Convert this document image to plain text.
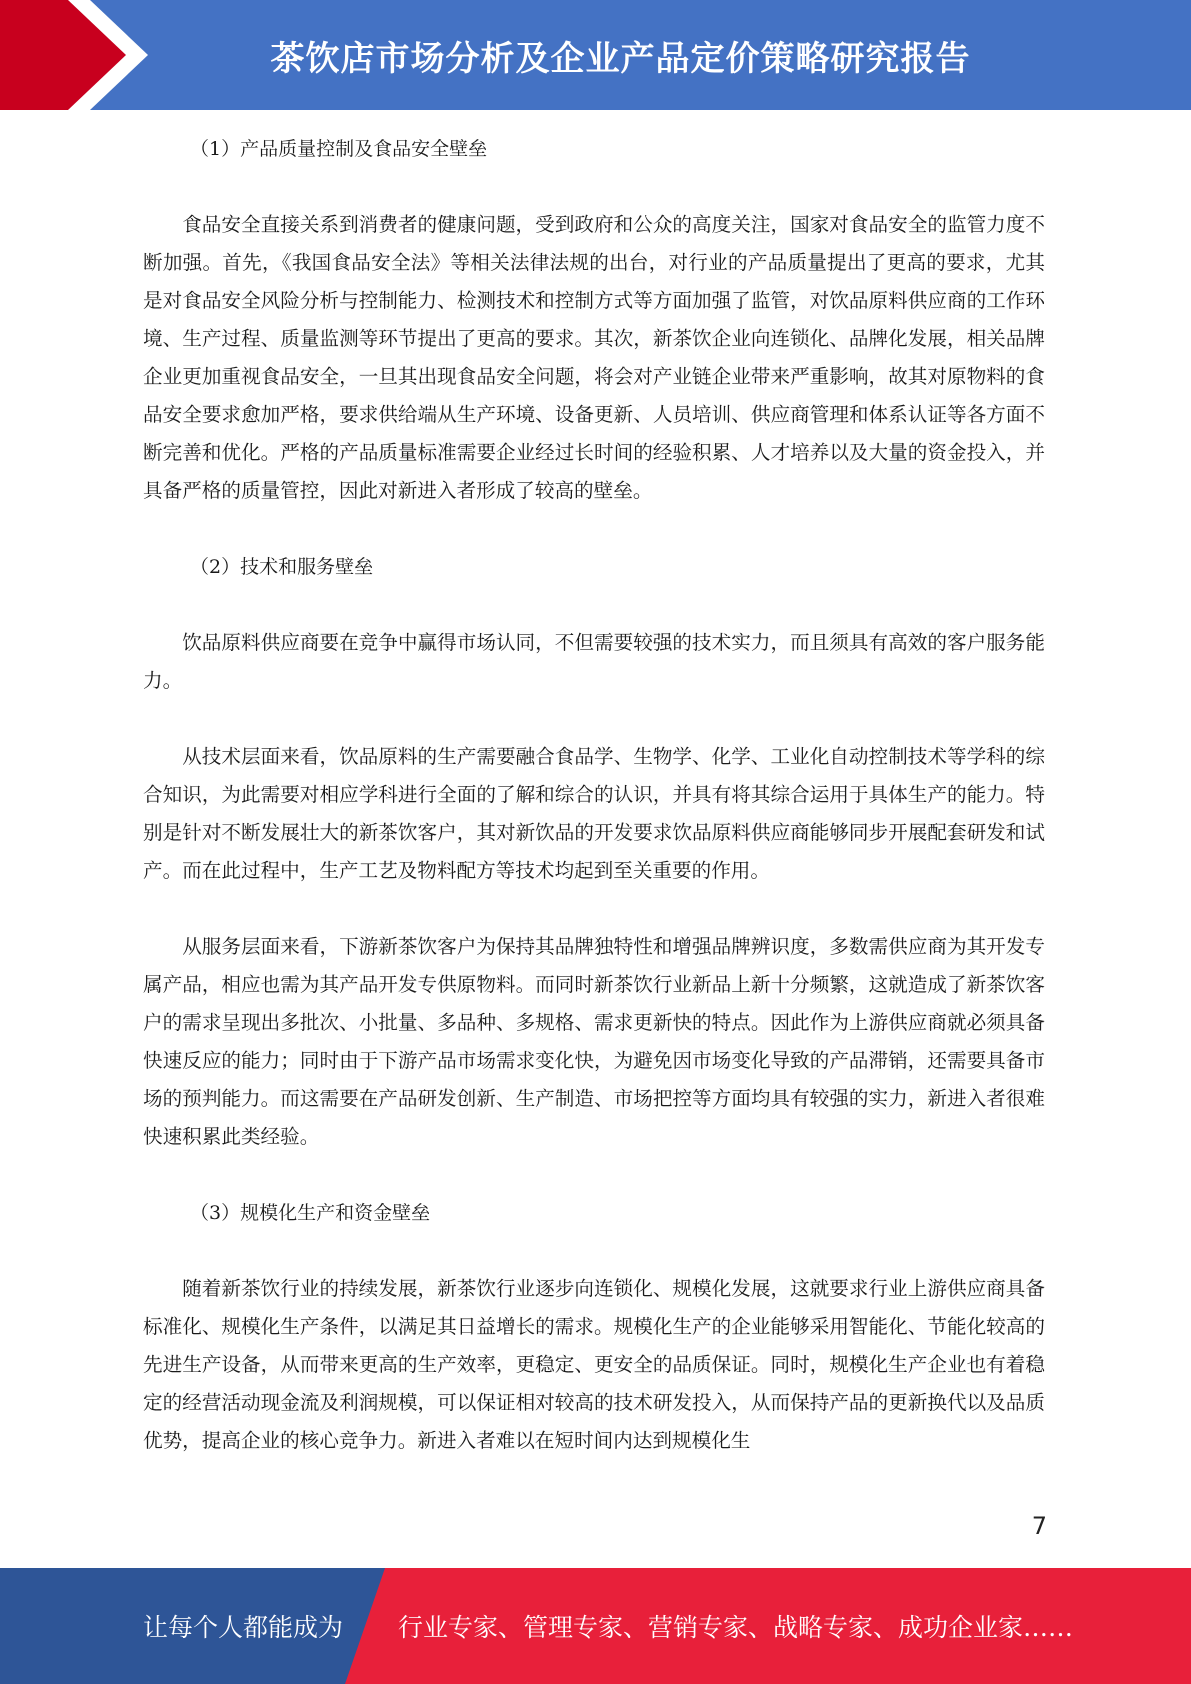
茶饮店市场分析及企业产品定价策略研究报告

（1）产品质量控制及食品安全壁垒

食品安全直接关系到消费者的健康问题，受到政府和公众的高度关注，国家对食品安全的监管力度不断加强。首先，《我国食品安全法》等相关法律法规的出台，对行业的产品质量提出了更高的要求，尤其是对食品安全风险分析与控制能力、检测技术和控制方式等方面加强了监管，对饮品原料供应商的工作环境、生产过程、质量监测等环节提出了更高的要求。其次，新茶饮企业向连锁化、品牌化发展，相关品牌企业更加重视食品安全，一旦其出现食品安全问题，将会对产业链企业带来严重影响，故其对原物料的食品安全要求愈加严格，要求供给端从生产环境、设备更新、人员培训、供应商管理和体系认证等各方面不断完善和优化。严格的产品质量标准需要企业经过长时间的经验积累、人才培养以及大量的资金投入，并具备严格的质量管控，因此对新进入者形成了较高的壁垒。

（2）技术和服务壁垒

饮品原料供应商要在竞争中赢得市场认同，不但需要较强的技术实力，而且须具有高效的客户服务能力。

从技术层面来看，饮品原料的生产需要融合食品学、生物学、化学、工业化自动控制技术等学科的综合知识，为此需要对相应学科进行全面的了解和综合的认识，并具有将其综合运用于具体生产的能力。特别是针对不断发展壮大的新茶饮客户，其对新饮品的开发要求饮品原料供应商能够同步开展配套研发和试产。而在此过程中，生产工艺及物料配方等技术均起到至关重要的作用。

从服务层面来看，下游新茶饮客户为保持其品牌独特性和增强品牌辨识度，多数需供应商为其开发专属产品，相应也需为其产品开发专供原物料。而同时新茶饮行业新品上新十分频繁，这就造成了新茶饮客户的需求呈现出多批次、小批量、多品种、多规格、需求更新快的特点。因此作为上游供应商就必须具备快速反应的能力；同时由于下游产品市场需求变化快，为避免因市场变化导致的产品滞销，还需要具备市场的预判能力。而这需要在产品研发创新、生产制造、市场把控等方面均具有较强的实力，新进入者很难快速积累此类经验。

（3）规模化生产和资金壁垒

随着新茶饮行业的持续发展，新茶饮行业逐步向连锁化、规模化发展，这就要求行业上游供应商具备标准化、规模化生产条件，以满足其日益增长的需求。规模化生产的企业能够采用智能化、节能化较高的先进生产设备，从而带来更高的生产效率，更稳定、更安全的品质保证。同时，规模化生产企业也有着稳定的经营活动现金流及利润规模，可以保证相对较高的技术研发投入，从而保持产品的更新换代以及品质优势，提高企业的核心竞争力。新进入者难以在短时间内达到规模化生

7
让每个人都能成为 行业专家、管理专家、营销专家、战略专家、成功企业家……
